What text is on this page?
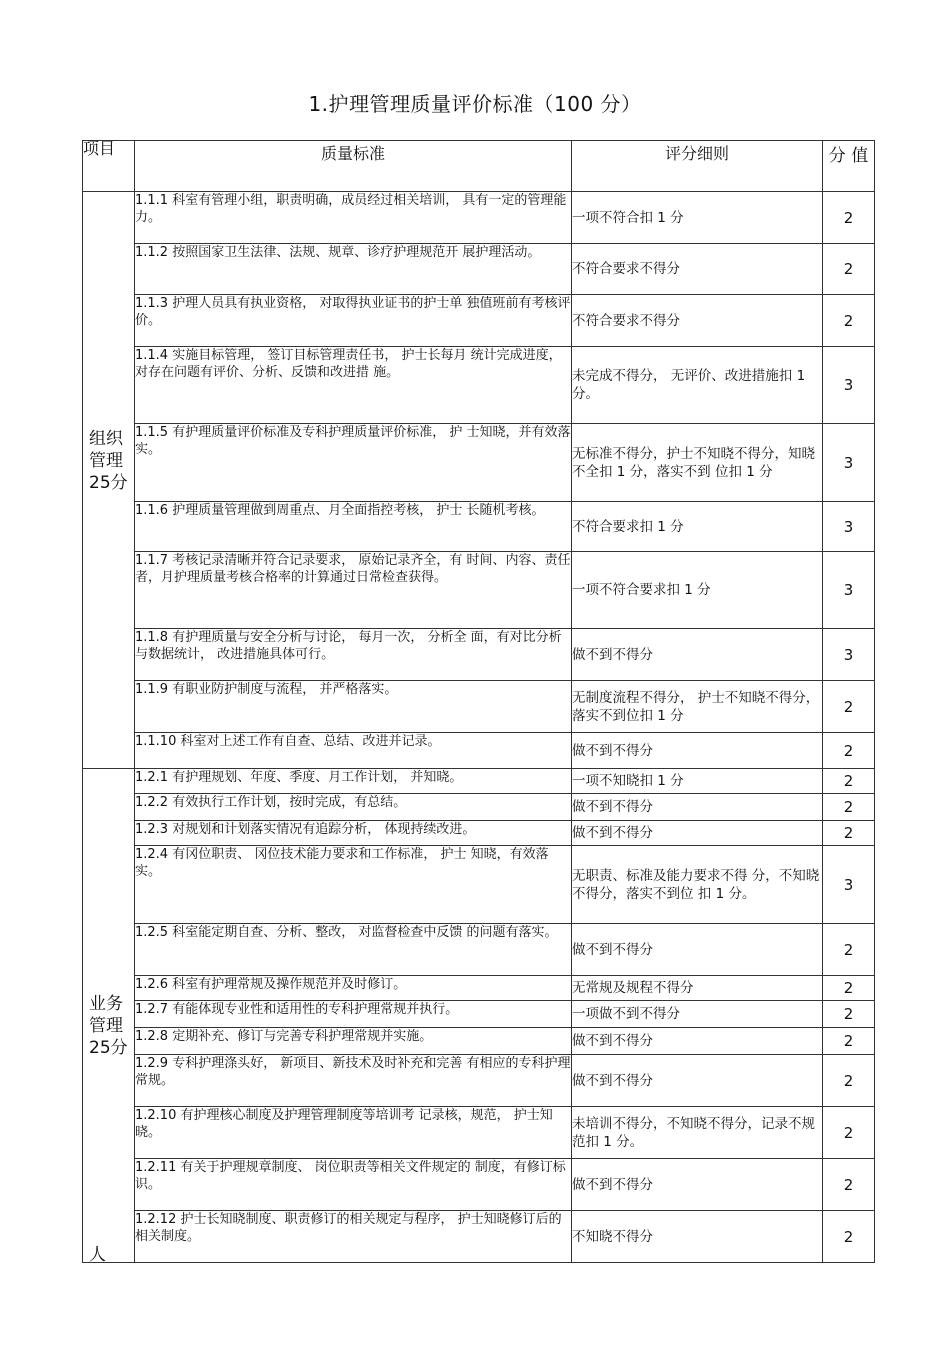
1.护理管理质量评价标准（100 分）
项目	质量标准	评分细则	分 值

组织管理25分	1.1.1 科室有管理小组，职责明确，成员经过相关培训， 具有一定的管理能力。	一项不符合扣 1 分	2
	1.1.2 按照国家卫生法律、法规、规章、诊疗护理规范开 展护理活动。	不符合要求不得分	2
	1.1.3 护理人员具有执业资格， 对取得执业证书的护士单 独值班前有考核评价。	不符合要求不得分	2
	1.1.4 实施目标管理， 签订目标管理责任书， 护士长每月 统计完成进度， 对存在问题有评价、分析、反馈和改进措 施。	未完成不得分， 无评价、改进措施扣 1 分。	3
	1.1.5 有护理质量评价标准及专科护理质量评价标准， 护 士知晓，并有效落实。	无标准不得分，护士不知晓不得分，知晓不全扣 1 分，落实不到 位扣 1 分	3
	1.1.6 护理质量管理做到周重点、月全面指控考核， 护士 长随机考核。	不符合要求扣 1 分	3
	1.1.7 考核记录清晰并符合记录要求， 原始记录齐全，有 时间、内容、责任者，月护理质量考核合格率的计算通过日常检查获得。	一项不符合要求扣 1 分	3
	1.1.8 有护理质量与安全分析与讨论， 每月一次， 分析全 面，有对比分析与数据统计， 改进措施具体可行。	做不到不得分	3
	1.1.9 有职业防护制度与流程， 并严格落实。	无制度流程不得分， 护士不知晓不得分，落实不到位扣 1 分	2
	1.1.10 科室对上述工作有自查、总结、改进并记录。	做不到不得分	2

业务管理25分
人	1.2.1 有护理规划、年度、季度、月工作计划， 并知晓。	一项不知晓扣 1 分	2
	1.2.2 有效执行工作计划，按时完成，有总结。	做不到不得分	2
	1.2.3 对规划和计划落实情况有追踪分析， 体现持续改进。	做不到不得分	2
	1.2.4 有冈位职责、 冈位技术能力要求和工作标准， 护士 知晓，有效落实。	无职责、标准及能力要求不得 分，不知晓不得分，落实不到位 扣 1 分。	3
	1.2.5 科室能定期自查、分析、整改， 对监督检查中反馈 的问题有落实。	做不到不得分	2
	1.2.6 科室有护理常规及操作规范并及时修订。	无常规及规程不得分	2
	1.2.7 有能体现专业性和适用性的专科护理常规并执行。	一项做不到不得分	2
	1.2.8 定期补充、修订与完善专科护理常规并实施。	做不到不得分	2
	1.2.9 专科护理涤头好， 新项目、新技术及时补充和完善 有相应的专科护理常规。	做不到不得分	2
	1.2.10 有护理核心制度及护理管理制度等培训考 记录核，规范， 护士知晓。	未培训不得分，不知晓不得分，记录不规范扣 1 分。	2
	1.2.11 有关于护理规章制度、 岗位职责等相关文件规定的 制度，有修订标识。	做不到不得分	2
	1.2.12 护士长知晓制度、职责修订的相关规定与程序， 护士知晓修订后的相关制度。	不知晓不得分	2
